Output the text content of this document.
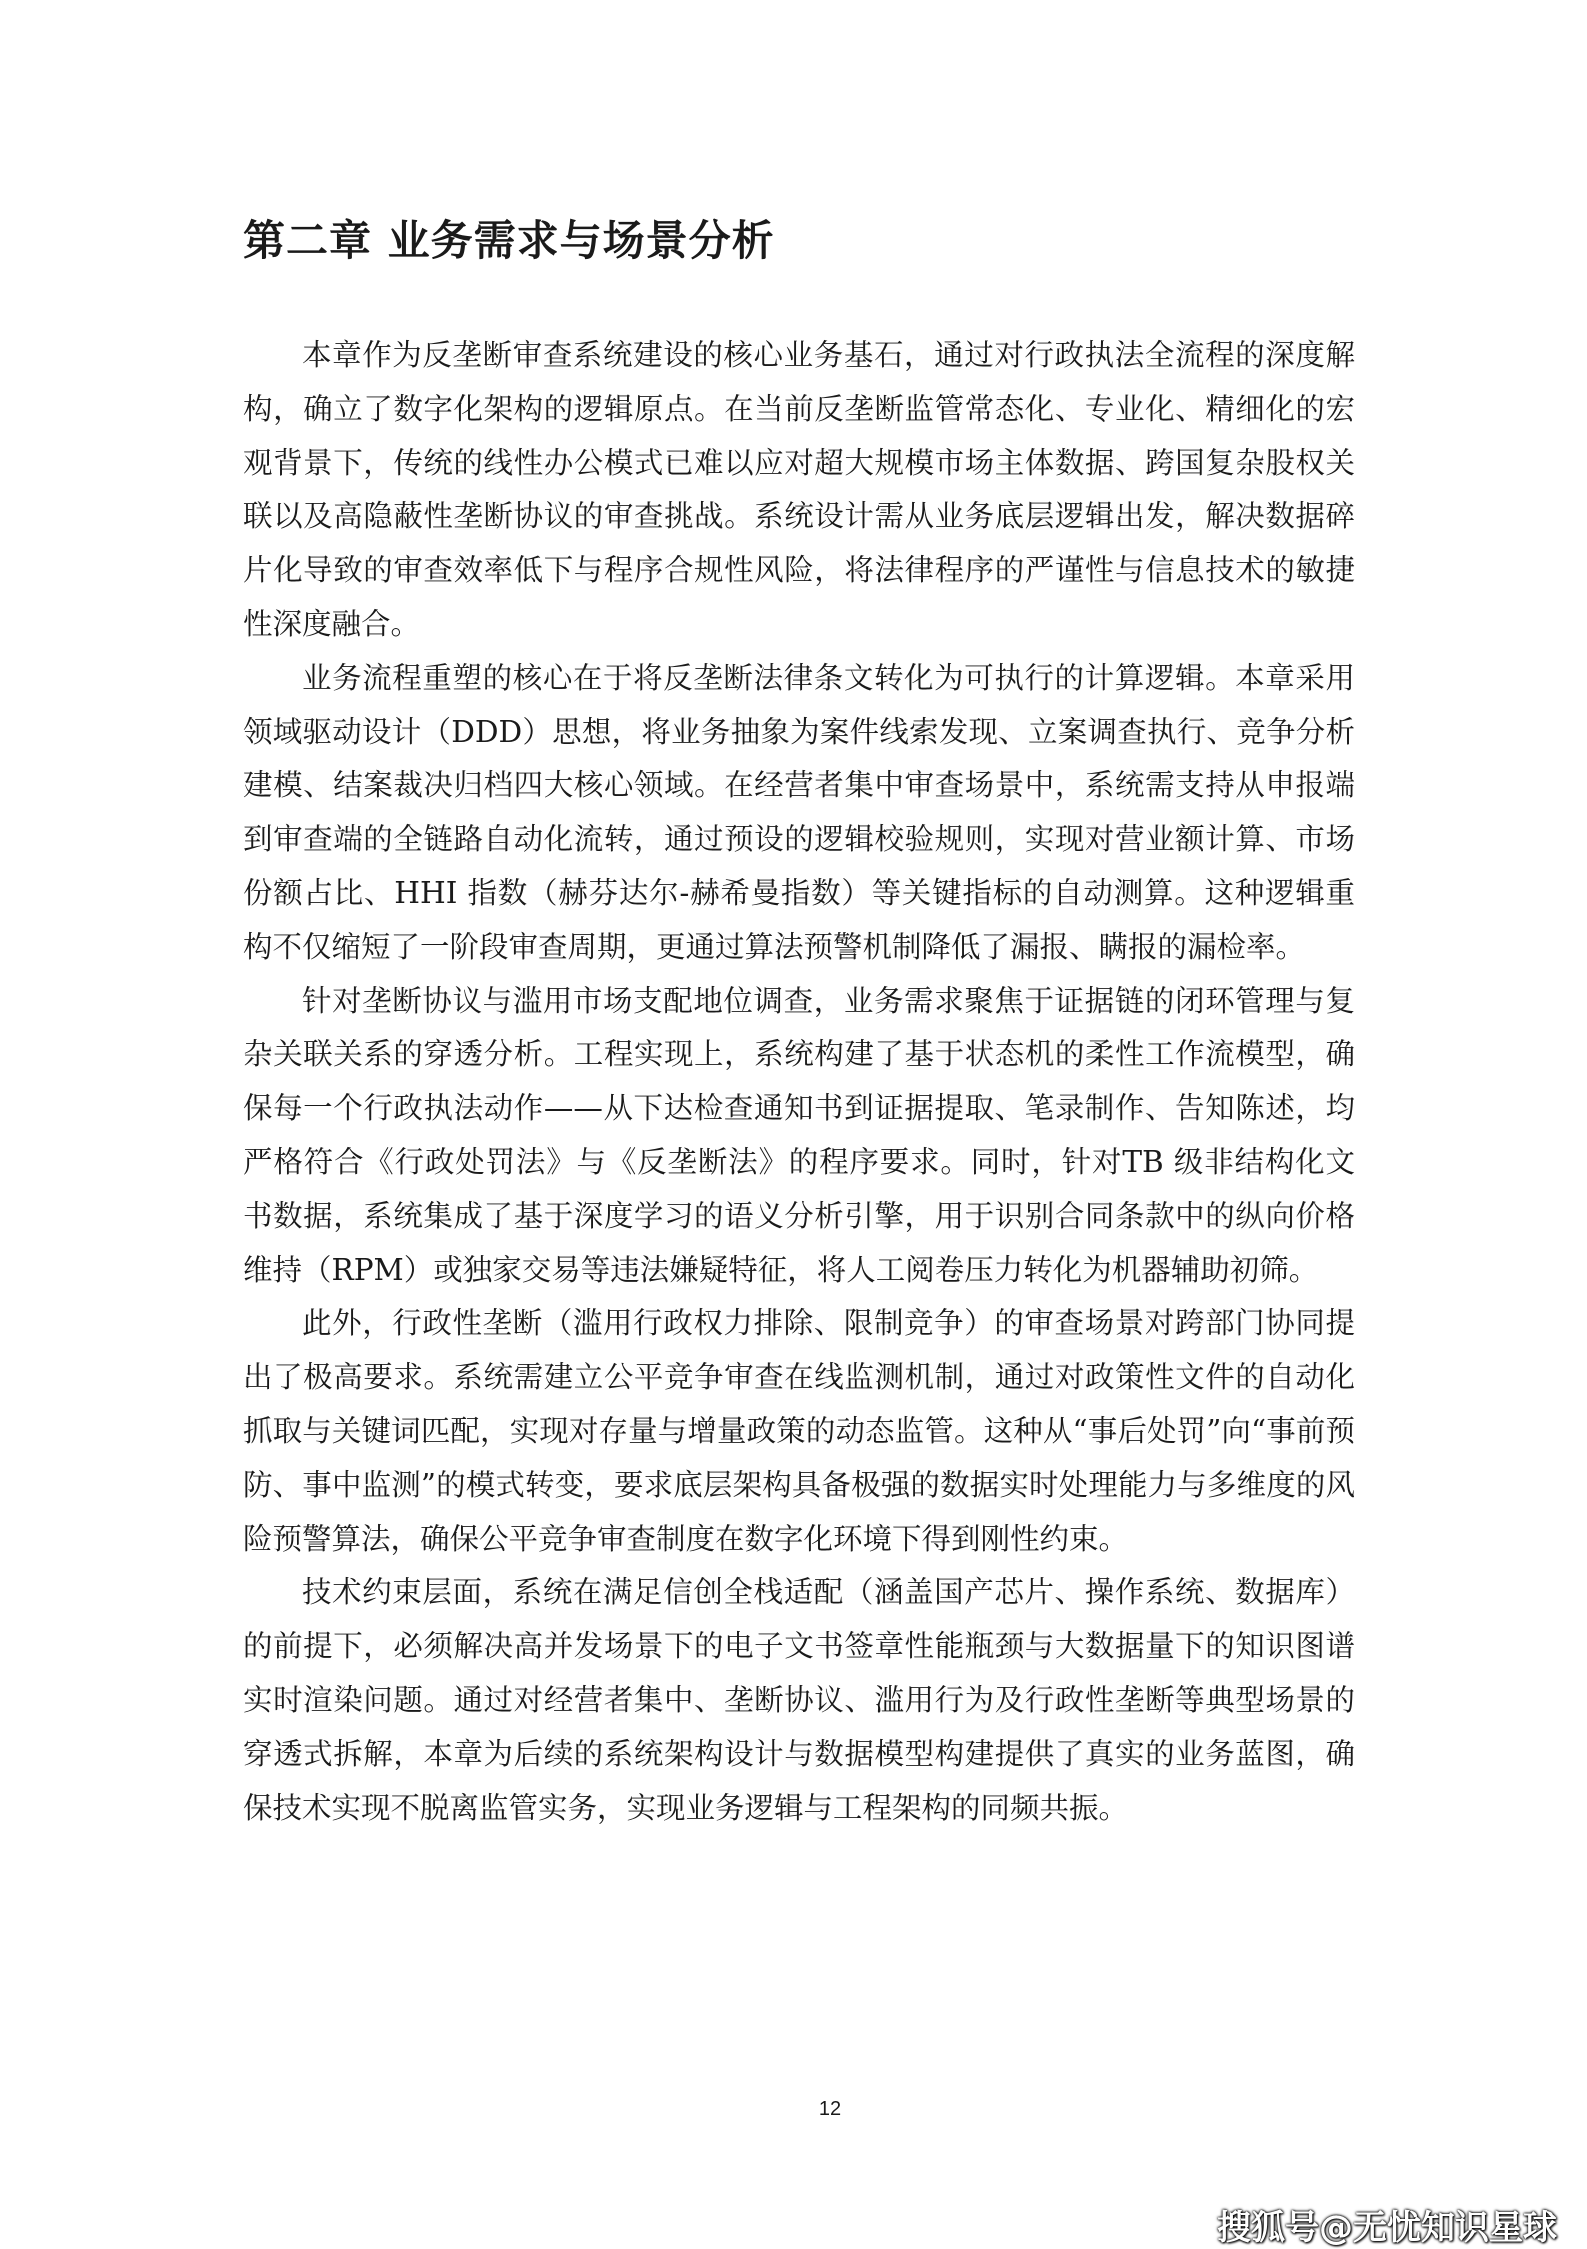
第二章 业务需求与场景分析

本章作为反垄断审查系统建设的核心业务基石，通过对行政执法全流程的深度解构，确立了数字化架构的逻辑原点。在当前反垄断监管常态化、专业化、精细化的宏观背景下，传统的线性办公模式已难以应对超大规模市场主体数据、跨国复杂股权关联以及高隐蔽性垄断协议的审查挑战。系统设计需从业务底层逻辑出发，解决数据碎片化导致的审查效率低下与程序合规性风险，将法律程序的严谨性与信息技术的敏捷性深度融合。

业务流程重塑的核心在于将反垄断法律条文转化为可执行的计算逻辑。本章采用领域驱动设计（DDD）思想，将业务抽象为案件线索发现、立案调查执行、竞争分析建模、结案裁决归档四大核心领域。在经营者集中审查场景中，系统需支持从申报端到审查端的全链路自动化流转，通过预设的逻辑校验规则，实现对营业额计算、市场份额占比、HHI 指数（赫芬达尔-赫希曼指数）等关键指标的自动测算。这种逻辑重构不仅缩短了一阶段审查周期，更通过算法预警机制降低了漏报、瞒报的漏检率。

针对垄断协议与滥用市场支配地位调查，业务需求聚焦于证据链的闭环管理与复杂关联关系的穿透分析。工程实现上，系统构建了基于状态机的柔性工作流模型，确保每一个行政执法动作——从下达检查通知书到证据提取、笔录制作、告知陈述，均严格符合《行政处罚法》与《反垄断法》的程序要求。同时，针对TB 级非结构化文书数据，系统集成了基于深度学习的语义分析引擎，用于识别合同条款中的纵向价格维持（RPM）或独家交易等违法嫌疑特征，将人工阅卷压力转化为机器辅助初筛。

此外，行政性垄断（滥用行政权力排除、限制竞争）的审查场景对跨部门协同提出了极高要求。系统需建立公平竞争审查在线监测机制，通过对政策性文件的自动化抓取与关键词匹配，实现对存量与增量政策的动态监管。这种从“事后处罚”向“事前预防、事中监测”的模式转变，要求底层架构具备极强的数据实时处理能力与多维度的风险预警算法，确保公平竞争审查制度在数字化环境下得到刚性约束。

技术约束层面，系统在满足信创全栈适配（涵盖国产芯片、操作系统、数据库）的前提下，必须解决高并发场景下的电子文书签章性能瓶颈与大数据量下的知识图谱实时渲染问题。通过对经营者集中、垄断协议、滥用行为及行政性垄断等典型场景的穿透式拆解，本章为后续的系统架构设计与数据模型构建提供了真实的业务蓝图，确保技术实现不脱离监管实务，实现业务逻辑与工程架构的同频共振。

12
搜狐号@无忧知识星球
